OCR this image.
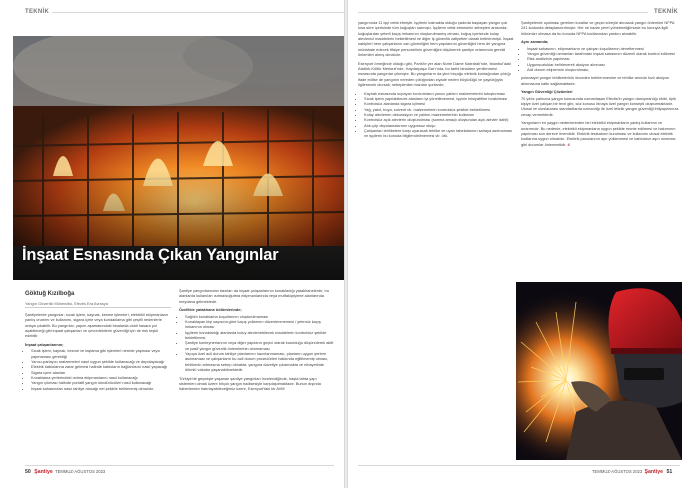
TEKNİK
İnşaat Esnasında Çıkan Yangınlar
Göktuğ Kızılboğa
Yangın Güvenlik Mühendisi, Efectis Era Avrasya

Şantiyelerde yangınlar; sıcak işlem, kaynak, kesme işlemleri, elektrikli ekipmanların yanlış onarımı ve kullanımı, sigara içme veya kundaklama gibi çeşitli nedenlerle ortaya çıkabilir. Bu yangınlar, yapım aşamasındaki binalarda ciddi hasara yol açabileceği gibi inşaat çalışanları ve çevredekilerin güvenliği için de risk teşkil edebilir.

İnşaat çalışanlarının;
• Sıcak işlem, kaynak, kesme ve taşlama gibi işlemleri nerede yapması veya yapmaması gerektiği
• Yanıcı-parlayıcı malzemeleri nasıl uygun şekilde kullanacağı ve depolayacağı
• Elektrik kablolarına zarar gelmesi halinde kabloların bağlantısını nasıl yapacağı
• Sigara içme alanları
• Konaklama yerlerindeki ısıtma ekipmanlarını nasıl kullanacağı
• Yangın çıkması halinde portatif yangın söndürücüleri nasıl kullanacağı
• İnşaat sahasından nasıl tahliye olacağı net şekilde belirlenmiş olmalıdır.

Şantiye yangınlarından bazıları da inşaat çalışanlarının konakladığı yatakhanelerde, bu alanlarda kullanılan ısıtma/soğutma ekipmanlarında veya mutfak/pişirme alanlarında meydana gelmektedir.

Özellikle yatakhane bölümlerinde;
• Sağlıklı konaklama koşullarının oluşturulmaması
• Konaklayan kişi sayısına göre kaçış yollarının düzenlenmemesi / yetersiz kaçış imkanının olması
• İşçilerin konakladığı alanlarda koluy alevlenebilecek maddelerin kontrolsüz şekilde bekletilmesi
• Şantiye konteynerlarının veya diğer yapıların geçici olarak kurulduğu düşünülerek aktif ve pasif yangın güvenlik önlemlerinin alınmaması
• Yapıya özel acil durum tahliye planlarının hazırlanmaması, planların uygun yerlere asılmaması ve çalışanların bu acil durum prosedürleri hakkında eğitilmemiş olması, tehlikenin artmasına sebep olmakta, yangına davetiye çıkarmakta ve nihayetinde ölümlü vakalar yaşanabilmektedir.

Türkiye'de geçmişte yaşanan şantiye yangınları incelendiğinde, başta tahta yapı sistemleri olmak üzere birçok yangın hadisesiyle karşılaşılmaktadır. Bunun dışında haberlerden hatırlayabileceğimiz üzere, Esenyurt'taki bir AVM

50 Şantiye TEMMUZ-AĞUSTOS 2023
TEKNİK

yangınında 11 işçi vefat etmiştir. İşçilerin kalmakta olduğu çadırda başlayan yangın çok kısa süre içerisinde tüm koğuşları sarmıştı. İşçilerin vefat etmesinin sebepleri arasında; koğuşlardan yeterli kaçış imkanının oluşturulmamış olması, koğuş içerisinde kolay alevlenici maddelerin bekletilmesi ve diğer iş güvenlik zafiyetleri olarak belirlenmişti. İnşaat sahipleri hem çalışanların can güvenliğini hem yapılarının güvenliğini hem de yangına müdahale edecek itfaiye personelinin güvenliğini düşünerek şantiye ortamında gerekli önlemleri almış olmalıdır.

Esenyurt örneğinde olduğu gibi, Paris'te yer alan Notre Dame Katedrali'nde, İstanbul'daki Atatürk Kültür Merkezi'nde, Haydarpaşa Gar'ı'nda, bu tarihi binaların yenilenmesi esnasında yangınlar çıkmıştır. Bu yangınların da yine birçoğu elektrik kontağından çıktığı ifade edilse de yangının nereden çıktığından ziyade neden büyüdüğü ve yayıldığıyla ilgilenecek olursak; sebeplerden bazıları şunlardır;

• Kaynak esnasında sıçrayan kıvılcımların yanıcı yalıtım malzemelerini tutuşturması
• Sıcak işlem yapılabilecek alanların iyi yönetilmemesi, işçinin inisiyatifine bırakılması
• Kontrolsüz alanlarda sigara içilmesi
• Yağ, yakıt, boya, solvent vb. malzemelerin kontrolsüz şekilde bekletilmesi
• Kolay alevlenen dekorasyon ve yalıtım malzemelerinin kullanımı
• Kontrolsüz açık alevlerin oluşturulması (sonma amaçlı oluşturulan açık alevler dahil)
• Atık-çöp depolamalarının uygunsuz oluşu
• Çalışanları tehlikelere karşı uyaracak tehlike ve uyarı tabelalarının sahaya asılmaması ve işçilerin bu konuda bilgilendirilmemesi vb. ütü.

Şantiyelerde uyulması gereken kurallar ve geçici süreyle alınacak yangın önlemleri NFPA 241 kodunda detaylandırılmıştır. Her ne kadar yerel yönetmeliğimizde bu konuyla ilgili hükümler olmasa da bu konuda NFPA kodlarından yardım alınabilir.

Aynı zamanda;
• İnşaat sahasının, ekipmanların ve çalışan koşullarının denetlenmesi
• Yangın güvenliği uzmanları tarafından inşaat sahasının düzenli olarak kontrol edilmesi
• Risk analizinin yapılması
• Uygunsuzluklar belirlenerek aksiyon alınması
• Acil durum ekiplerinin oluşturulması,

potansiyel yangın tehlikelerinin önceden belirlenmesine ve tehlike anında hızlı aksiyon alınmasına katkı sağlamaktadır.

Yangın Güvenliği Çözümleri

70 yıldır yalnızca yangın konusunda uzmanlaşan Efectis'in yangın danışmanlığı ekibi, tipik kişiye özel çalışan bir terzi gibi, söz konusu binaya özel yangın konsepti oluşturmaktadır. Ulusal ve uluslararası standartlarda uzmanlığı ile özel teknik yangın güvenliği ihtiyaçlarınıza cevap vermektedir.

Yangınların en yaygın nedenlerinden biri elektrikli ekipmanların yanlış kullanımı ve onarımıdır. Bu nedenle, elektrikli ekipmanların uygun şekilde monte edilmesi ve bakımının yapılması son derece önemlidir. Elektrik tesisatının kurulması ve kullanımı ulusal elektrik kodlarına uygun olmalıdır. Elektrik panolarının ayrı yüklenmesi ve kabloların aşırı ısınması gibi durumlar önlenmelidir. 4

TEMMUZ-AĞUSTOS 2023 Şantiye 51
